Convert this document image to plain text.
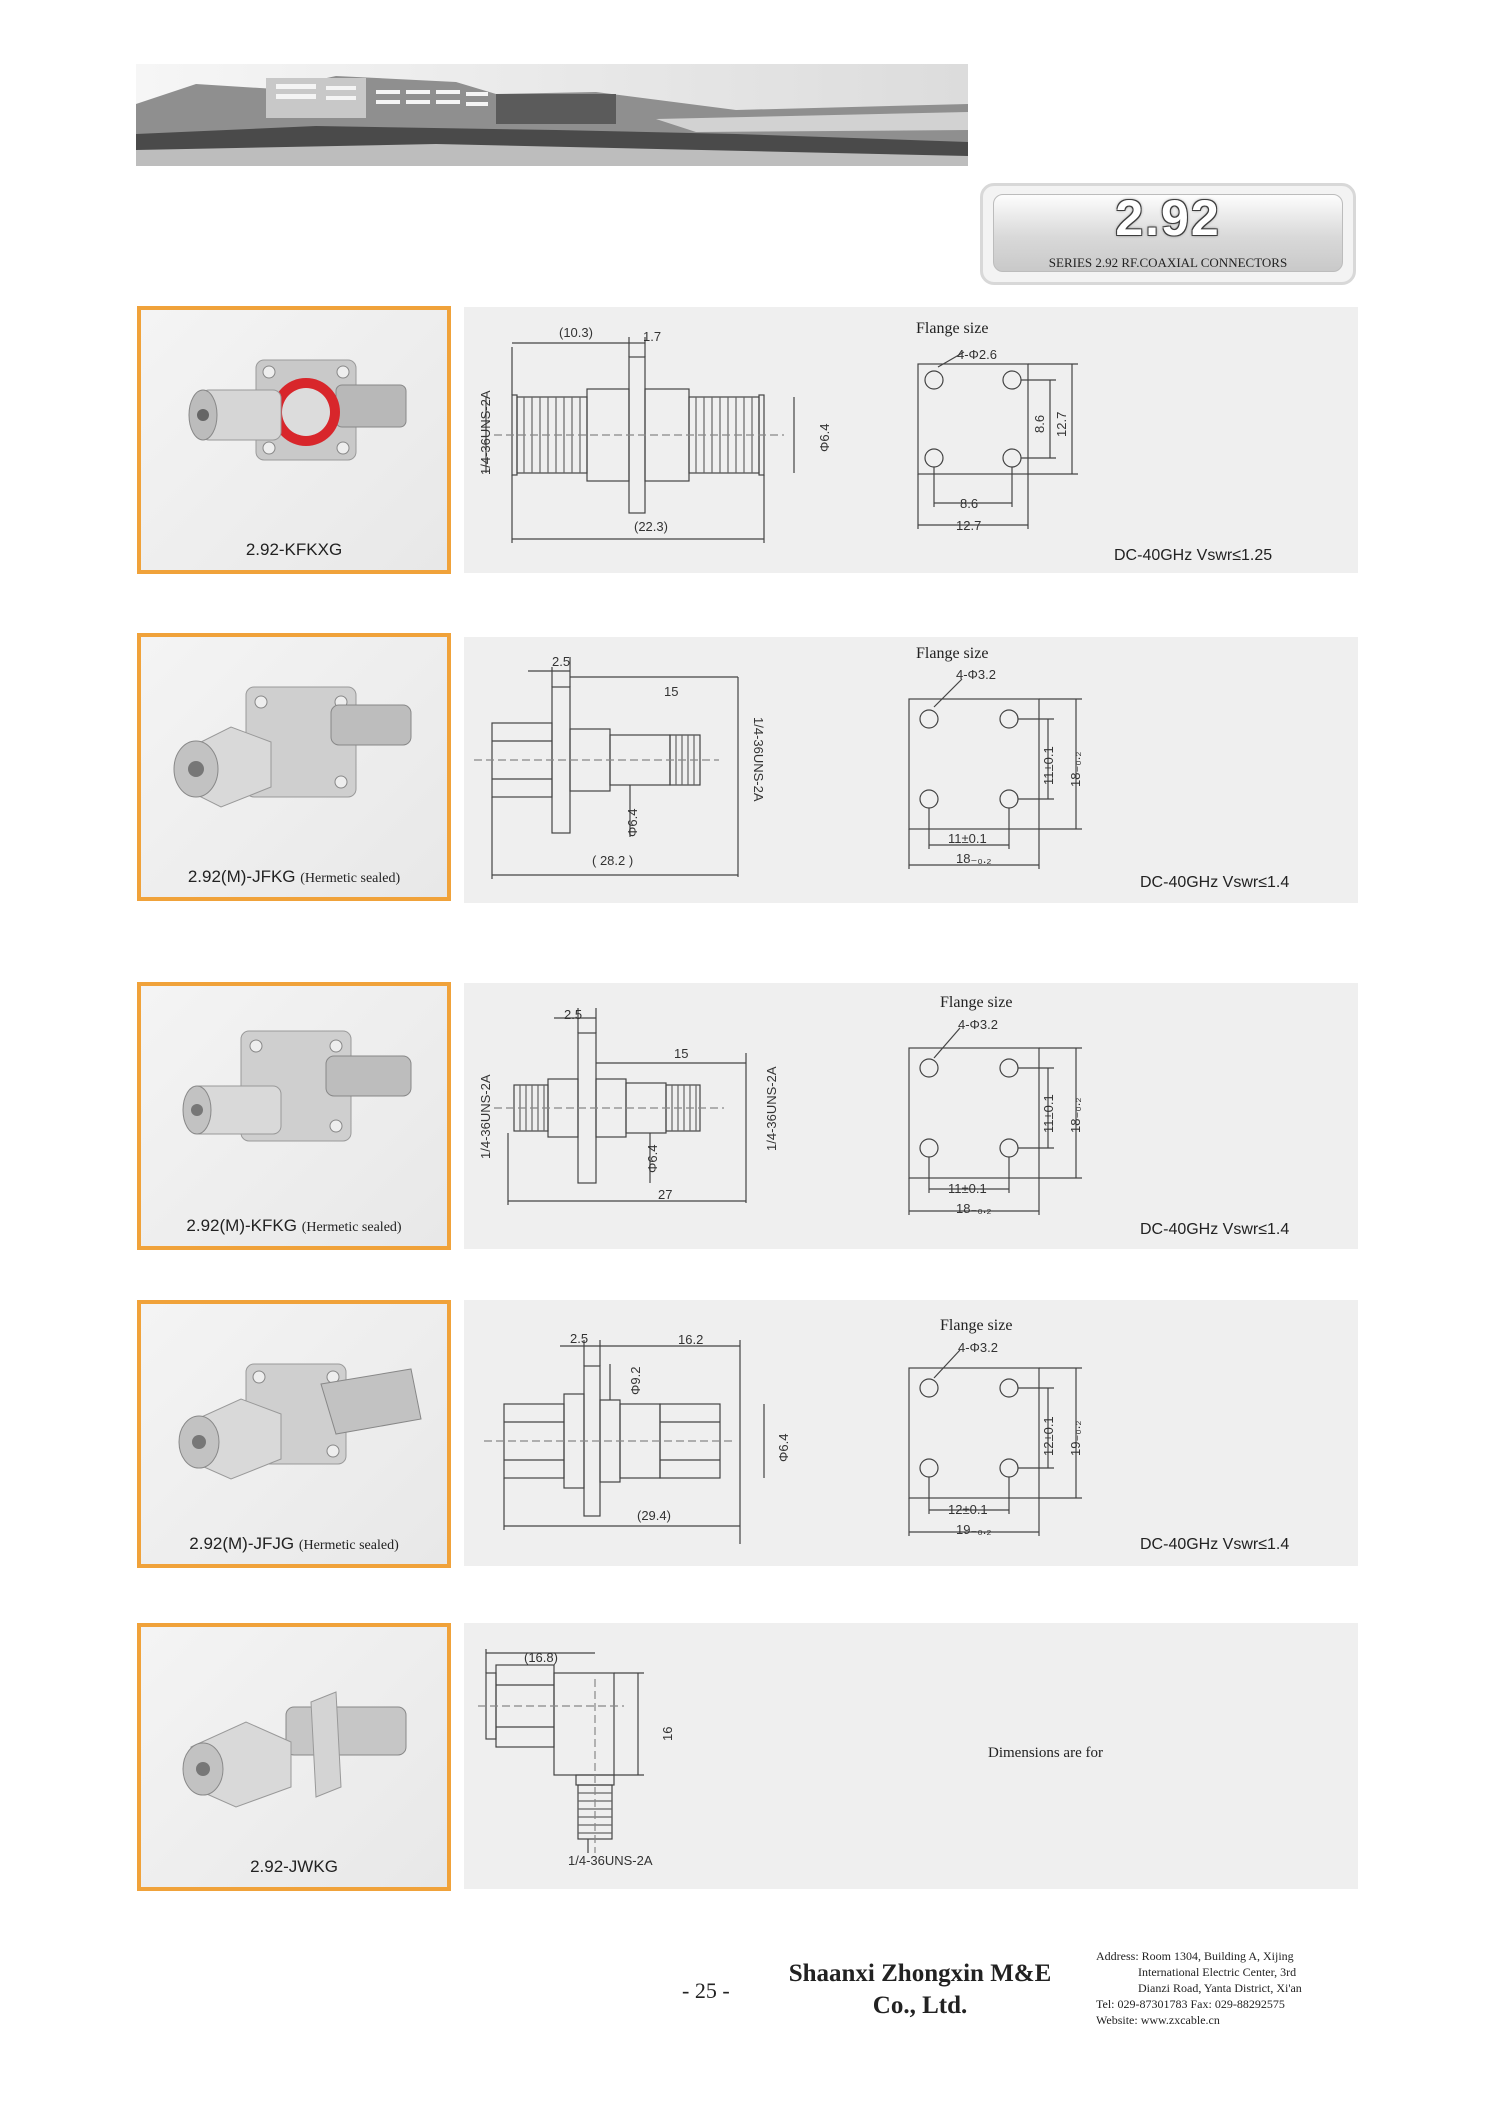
2.92
SERIES 2.92 RF.COAXIAL CONNECTORS
2.92-KFKXG
(10.3)	1.7
(22.3)
1/4-36UNS-2A	Φ6.4
Flange size
4-Φ2.6
8.6
12.7
8.6 12.7
DC-40GHz Vswr≤1.25
2.92(M)-JFKG (Hermetic sealed)
2.5
15
( 28.2 )
Φ6.4
1/4-36UNS-2A
Flange size
4-Φ3.2
11±0.1
18₋₀.₂
11±0.1 18₋₀.₂
DC-40GHz Vswr≤1.4
2.92(M)-KFKG (Hermetic sealed)
2.5
15
27
1/4-36UNS-2A	1/4-36UNS-2A
Φ6.4
Flange size
4-Φ3.2
11±0.1
18₋₀.₂
11±0.1 18₋₀.₂
DC-40GHz Vswr≤1.4
2.92(M)-JFJG (Hermetic sealed)
2.5	16.2
(29.4)
Φ9.2
Φ6.4
Flange size
4-Φ3.2
12±0.1
19₋₀.₂
12±0.1 19₋₀.₂
DC-40GHz Vswr≤1.4
2.92-JWKG
(16.8)
16
1/4-36UNS-2A
Dimensions are for
- 25 -
Shaanxi Zhongxin M&E
Co., Ltd.
Address: Room 1304, Building A, Xijing
International Electric Center, 3rd
Dianzi Road, Yanta District, Xi'an
Tel: 029-87301783 Fax: 029-88292575
Website: www.zxcable.cn
